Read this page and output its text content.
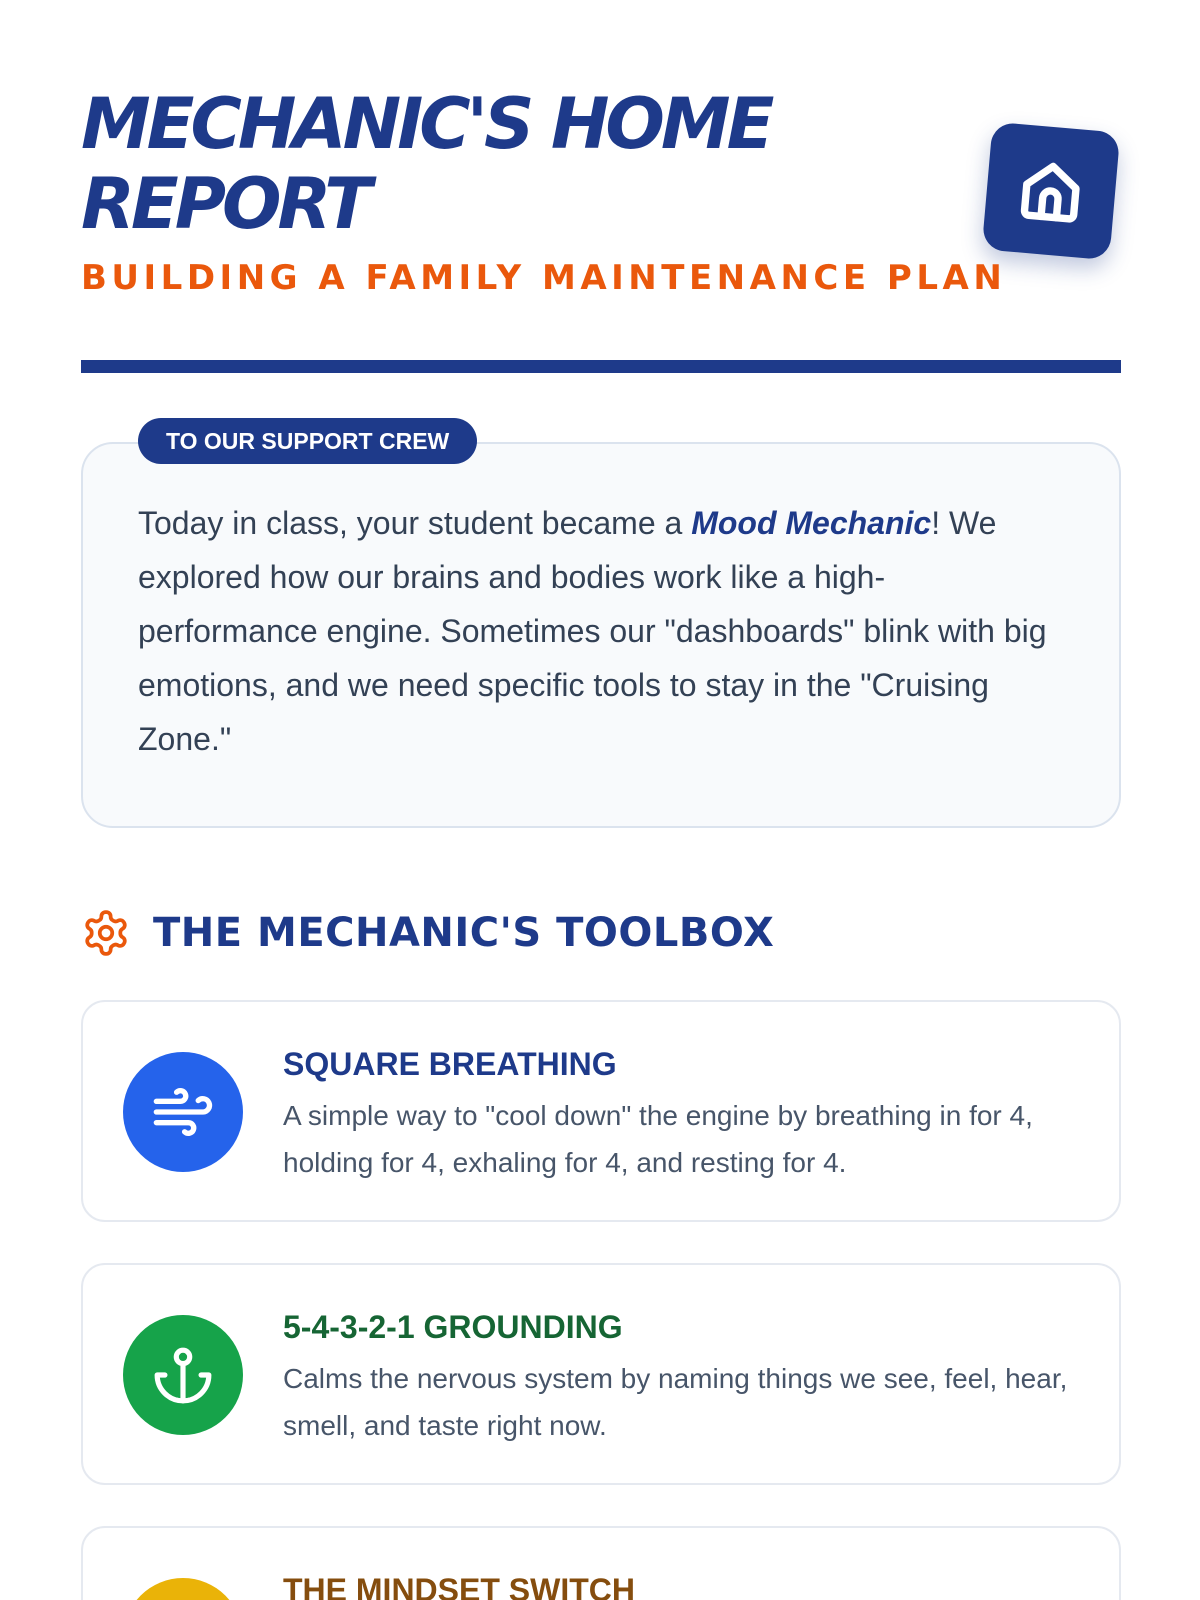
MECHANIC'S HOME REPORT
BUILDING A FAMILY MAINTENANCE PLAN
TO OUR SUPPORT CREW

Today in class, your student became a Mood Mechanic! We explored how our brains and bodies work like a high-performance engine. Sometimes our "dashboards" blink with big emotions, and we need specific tools to stay in the "Cruising Zone."

THE MECHANIC'S TOOLBOX
SQUARE BREATHING

A simple way to "cool down" the engine by breathing in for 4, holding for 4, exhaling for 4, and resting for 4.

5-4-3-2-1 GROUNDING

Calms the nervous system by naming things we see, feel, hear, smell, and taste right now.

THE MINDSET SWITCH
